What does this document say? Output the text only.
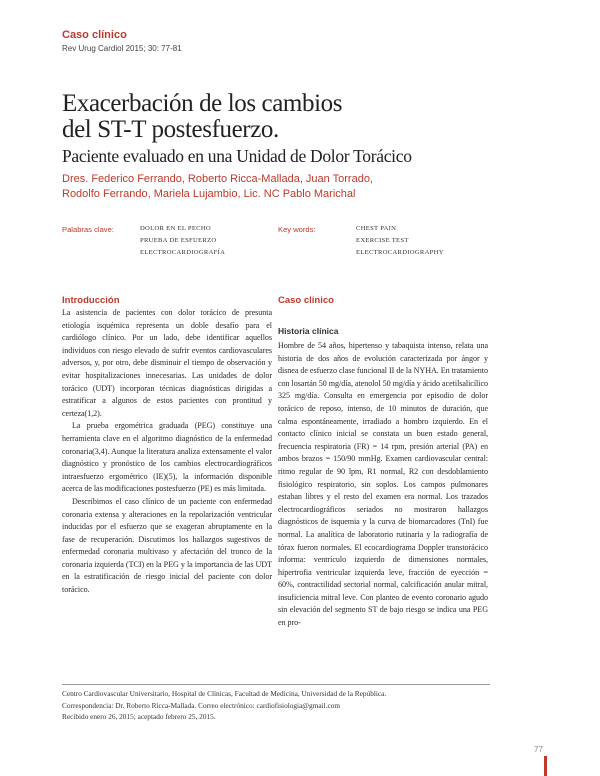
Caso clínico
Rev Urug Cardiol 2015; 30: 77-81
Exacerbación de los cambios
del ST-T postesfuerzo.
Paciente evaluado en una Unidad de Dolor Torácico
Dres. Federico Ferrando, Roberto Ricca-Mallada, Juan Torrado,
Rodolfo Ferrando, Mariela Lujambio, Lic. NC Pablo Marichal
Palabras clave:	DOLOR EN EL PECHO
PRUEBA DE ESFUERZO
ELECTROCARDIOGRAFÍA
Key words:	CHEST PAIN
EXERCISE TEST
ELECTROCARDIOGRAPHY
Introducción

La asistencia de pacientes con dolor torácico de presunta etiología isquémica representa un doble desafío para el cardiólogo clínico. Por un lado, debe identificar aquellos individuos con riesgo elevado de sufrir eventos cardiovasculares adversos, y, por otro, debe disminuir el tiempo de observación y evitar hospitalizaciones innecesarias. Las unidades de dolor torácico (UDT) incorporan técnicas diagnósticas dirigidas a estratificar a algunos de estos pacientes con prontitud y certeza(1,2).

La prueba ergométrica graduada (PEG) constituye una herramienta clave en el algoritmo diagnóstico de la enfermedad coronaria(3,4). Aunque la literatura analiza extensamente el valor diagnóstico y pronóstico de los cambios electrocardiográficos intraesfuerzo ergométrico (IE)(5), la información disponible acerca de las modificaciones postesfuerzo (PE) es más limitada.

Describimos el caso clínico de un paciente con enfermedad coronaria extensa y alteraciones en la repolarización ventricular inducidas por el esfuerzo que se exageran abruptamente en la fase de recuperación. Discutimos los hallazgos sugestivos de enfermedad coronaria multivaso y afectación del tronco de la coronaria izquierda (TCI) en la PEG y la importancia de las UDT en la estratificación de riesgo inicial del paciente con dolor torácico.

Caso clínico
Historia clínica

Hombre de 54 años, hipertenso y tabaquista intenso, relata una historia de dos años de evolución caracterizada por ángor y disnea de esfuerzo clase funcional II de la NYHA. En tratamiento con losartán 50 mg/día, atenolol 50 mg/día y ácido acetilsalicílico 325 mg/día. Consulta en emergencia por episodio de dolor torácico de reposo, intenso, de 10 minutos de duración, que calma espontáneamente, irradiado a hombro izquierdo. En el contacto clínico inicial se constata un buen estado general, frecuencia respiratoria (FR) = 14 rpm, presión arterial (PA) en ambos brazos = 150/90 mmHg. Examen cardiovascular central: ritmo regular de 90 lpm, R1 normal, R2 con desdoblamiento fisiológico respiratorio, sin soplos. Los campos pulmonares estaban libres y el resto del examen era normal. Los trazados electrocardiográficos seriados no mostraron hallazgos diagnósticos de isquemia y la curva de biomarcadores (TnI) fue normal. La analítica de laboratorio rutinaria y la radiografía de tórax fueron normales. El ecocardiograma Doppler transtorácico informa: ventrículo izquierdo de dimensiones normales, hipertrofia ventricular izquierda leve, fracción de eyección = 60%, contractilidad sectorial normal, calcificación anular mitral, insuficiencia mitral leve. Con planteo de evento coronario agudo sin elevación del segmento ST de bajo riesgo se indica una PEG en pro-

Centro Cardiovascular Universitario, Hospital de Clínicas, Facultad de Medicina, Universidad de la República.
Correspondencia: Dr. Roberto Ricca-Mallada. Correo electrónico: cardiofisiologia@gmail.com
Recibido enero 26, 2015; aceptado febrero 25, 2015.
77
